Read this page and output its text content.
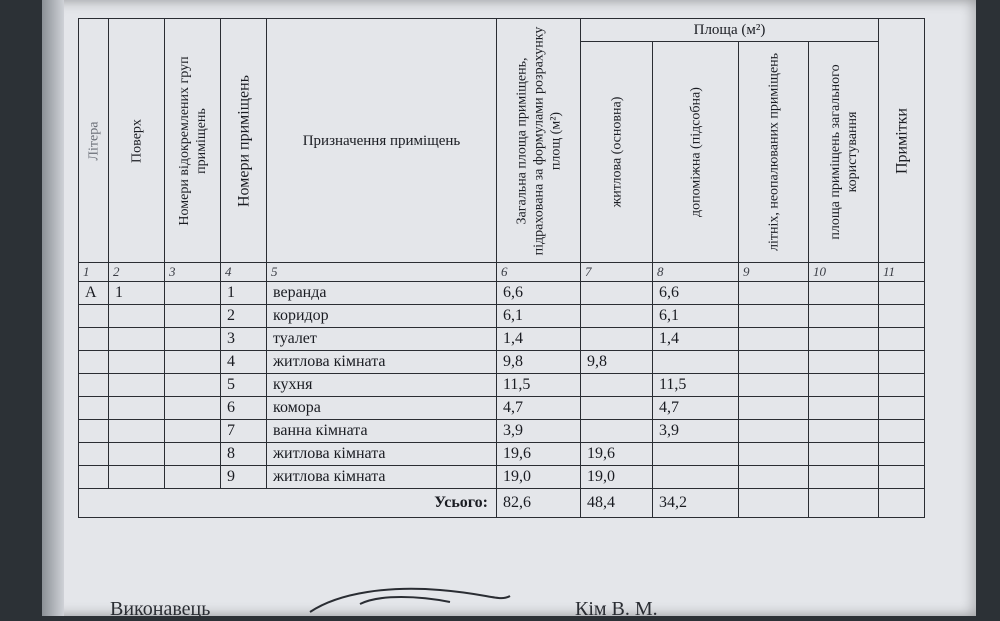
Літера	Поверх	Номери відокремлених груп приміщень	Номери приміщень	Призначення приміщень	Загальна площа приміщень, підрахована за формулами розрахунку площ (м²)	Площа (м²)				Примітки

						житлова (основна)	допоміжна (підсобна)	літніх, неопалюваних приміщень	площа приміщень загального користування	

1	2	3	4	5	6	7	8	9	10	11
А	1		1	веранда	6,6		6,6			
			2	коридор	6,1		6,1			
			3	туалет	1,4		1,4			
			4	житлова кімната	9,8	9,8				
			5	кухня	11,5		11,5			
			6	комора	4,7		4,7			
			7	ванна кімната	3,9		3,9			
			8	житлова кімната	19,6	19,6				
			9	житлова кімната	19,0	19,0				
Усього:					82,6	48,4	34,2			
Виконавець	Кім В. М.
